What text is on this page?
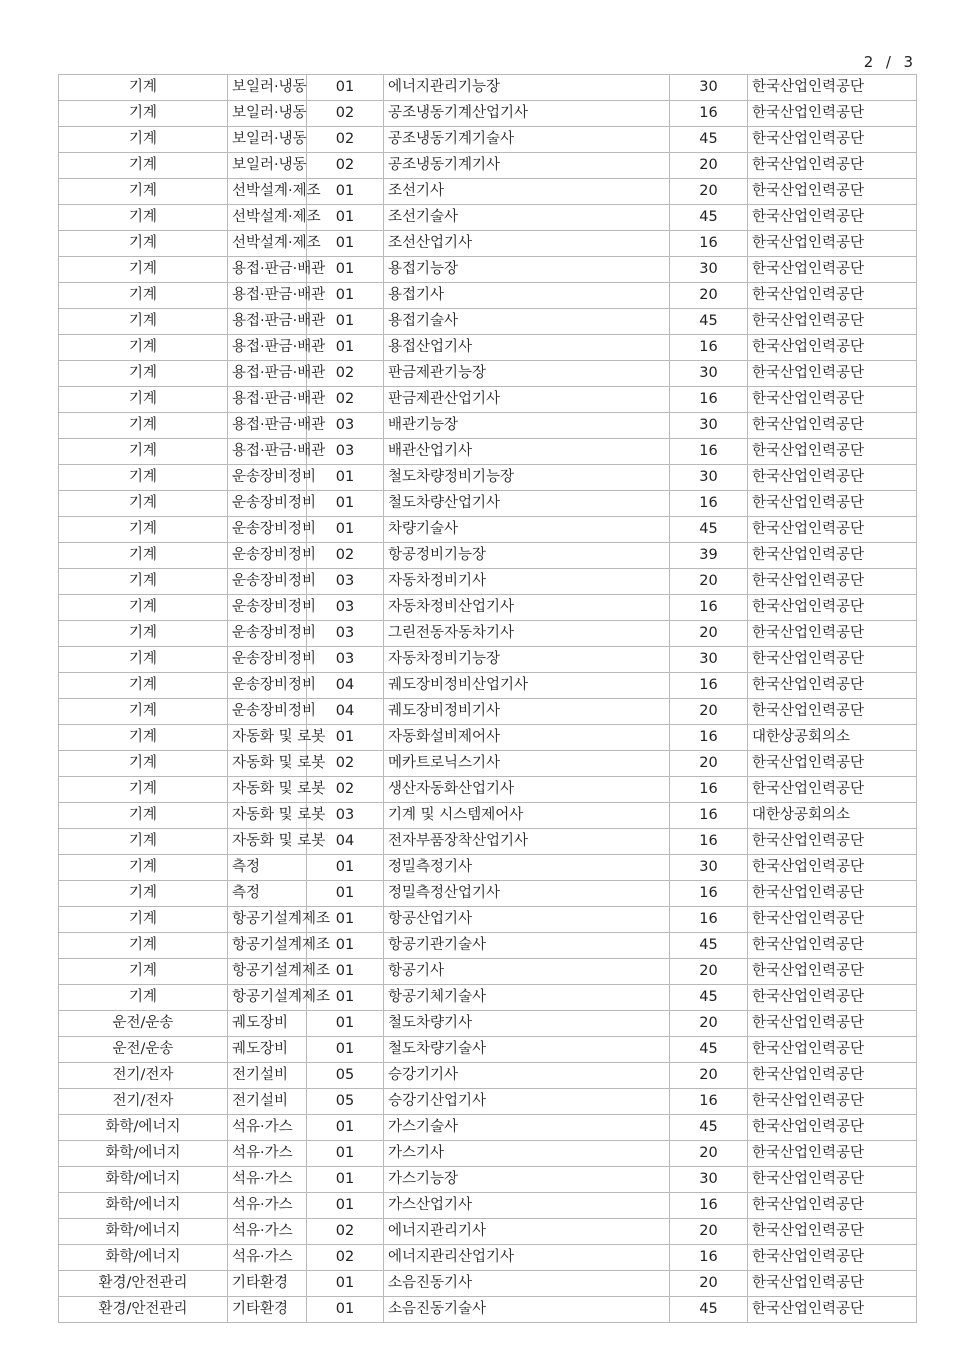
2  /  3
기계	보일러·냉동	01	에너지관리기능장	30	한국산업인력공단
기계	보일러·냉동	02	공조냉동기계산업기사	16	한국산업인력공단
기계	보일러·냉동	02	공조냉동기계기술사	45	한국산업인력공단
기계	보일러·냉동	02	공조냉동기계기사	20	한국산업인력공단
기계	선박설계·제조	01	조선기사	20	한국산업인력공단
기계	선박설계·제조	01	조선기술사	45	한국산업인력공단
기계	선박설계·제조	01	조선산업기사	16	한국산업인력공단
기계	용접·판금·배관	01	용접기능장	30	한국산업인력공단
기계	용접·판금·배관	01	용접기사	20	한국산업인력공단
기계	용접·판금·배관	01	용접기술사	45	한국산업인력공단
기계	용접·판금·배관	01	용접산업기사	16	한국산업인력공단
기계	용접·판금·배관	02	판금제관기능장	30	한국산업인력공단
기계	용접·판금·배관	02	판금제관산업기사	16	한국산업인력공단
기계	용접·판금·배관	03	배관기능장	30	한국산업인력공단
기계	용접·판금·배관	03	배관산업기사	16	한국산업인력공단
기계	운송장비정비	01	철도차량정비기능장	30	한국산업인력공단
기계	운송장비정비	01	철도차량산업기사	16	한국산업인력공단
기계	운송장비정비	01	차량기술사	45	한국산업인력공단
기계	운송장비정비	02	항공정비기능장	39	한국산업인력공단
기계	운송장비정비	03	자동차정비기사	20	한국산업인력공단
기계	운송장비정비	03	자동차정비산업기사	16	한국산업인력공단
기계	운송장비정비	03	그린전동자동차기사	20	한국산업인력공단
기계	운송장비정비	03	자동차정비기능장	30	한국산업인력공단
기계	운송장비정비	04	궤도장비정비산업기사	16	한국산업인력공단
기계	운송장비정비	04	궤도장비정비기사	20	한국산업인력공단
기계	자동화 및 로봇	01	자동화설비제어사	16	대한상공회의소
기계	자동화 및 로봇	02	메카트로닉스기사	20	한국산업인력공단
기계	자동화 및 로봇	02	생산자동화산업기사	16	한국산업인력공단
기계	자동화 및 로봇	03	기계 및 시스템제어사	16	대한상공회의소
기계	자동화 및 로봇	04	전자부품장착산업기사	16	한국산업인력공단
기계	측정	01	정밀측정기사	30	한국산업인력공단
기계	측정	01	정밀측정산업기사	16	한국산업인력공단
기계	항공기설계제조	01	항공산업기사	16	한국산업인력공단
기계	항공기설계제조	01	항공기관기술사	45	한국산업인력공단
기계	항공기설계제조	01	항공기사	20	한국산업인력공단
기계	항공기설계제조	01	항공기체기술사	45	한국산업인력공단
운전/운송	궤도장비	01	철도차량기사	20	한국산업인력공단
운전/운송	궤도장비	01	철도차량기술사	45	한국산업인력공단
전기/전자	전기설비	05	승강기기사	20	한국산업인력공단
전기/전자	전기설비	05	승강기산업기사	16	한국산업인력공단
화학/에너지	석유·가스	01	가스기술사	45	한국산업인력공단
화학/에너지	석유·가스	01	가스기사	20	한국산업인력공단
화학/에너지	석유·가스	01	가스기능장	30	한국산업인력공단
화학/에너지	석유·가스	01	가스산업기사	16	한국산업인력공단
화학/에너지	석유·가스	02	에너지관리기사	20	한국산업인력공단
화학/에너지	석유·가스	02	에너지관리산업기사	16	한국산업인력공단
환경/안전관리	기타환경	01	소음진동기사	20	한국산업인력공단
환경/안전관리	기타환경	01	소음진동기술사	45	한국산업인력공단
